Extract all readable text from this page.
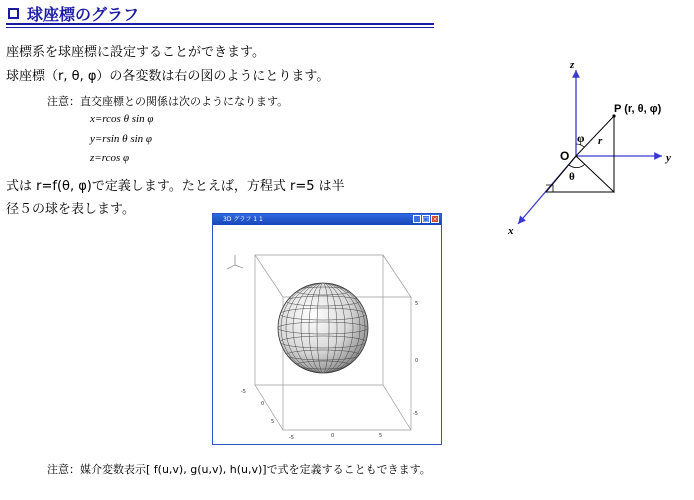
球座標のグラフ
座標系を球座標に設定することができます。
球座標（r, θ, φ）の各変数は右の図のようにとります。
注意：直交座標との関係は次のようになります。
x=rcos θ sin φ
y=rsin θ sin φ
z=rcos φ
式は r=f(θ, φ)で定義します。たとえば，方程式 r=5 は半
径５の球を表します。
z
y
x
O
P (r, θ, φ)
φ r
θ
3D グラフ 1 1	_ □ ×
5
0
-5
5
0
-5
5
0
-5
注意：媒介変数表示[ f(u,v), g(u,v), h(u,v)]で式を定義することもできます。
